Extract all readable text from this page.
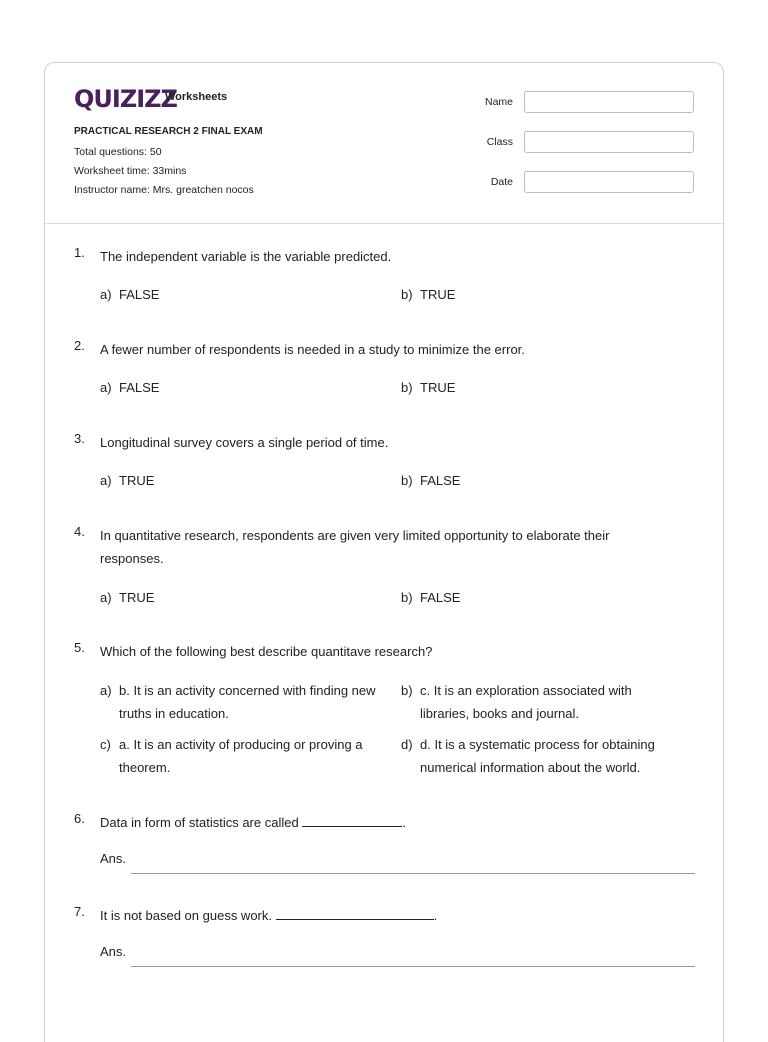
QUIZIZZ
Worksheets
PRACTICAL RESEARCH 2 FINAL EXAM
Total questions: 50
Worksheet time: 33mins
Instructor name: Mrs. greatchen nocos
Name
Class
Date
1. The independent variable is the variable predicted.
a) FALSE	b) TRUE
2. A fewer number of respondents is needed in a study to minimize the error.
a) FALSE	b) TRUE
3. Longitudinal survey covers a single period of time.
a) TRUE	b) FALSE
4. In quantitative research, respondents are given very limited opportunity to elaborate their
responses.
a) TRUE	b) FALSE
5. Which of the following best describe quantitave research?
a) b. It is an activity concerned with finding new
truths in education.
b) c. It is an exploration associated with
libraries, books and journal.
c) a. It is an activity of producing or proving a
theorem.
d) d. It is a systematic process for obtaining
numerical information about the world.
6. Data in form of statistics are called	.
Ans.
7. It is not based on guess work.	.
Ans.
